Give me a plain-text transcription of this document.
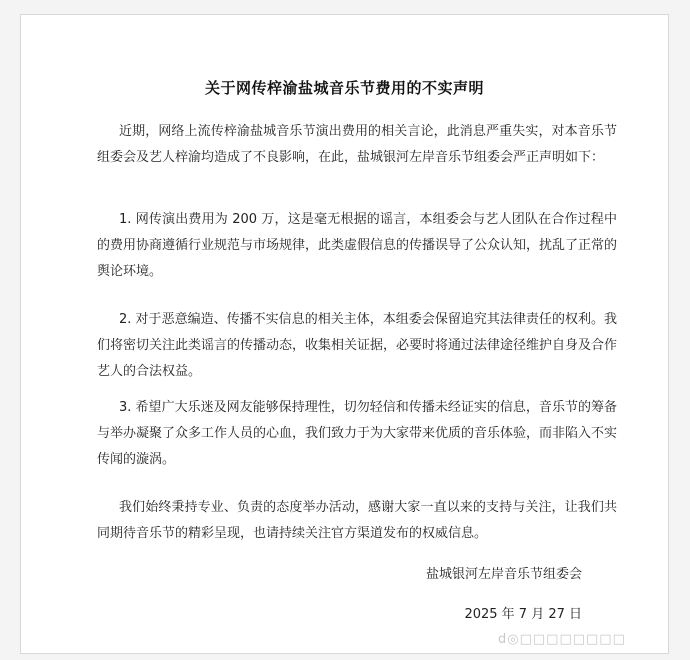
关于网传梓渝盐城音乐节费用的不实声明

近期，网络上流传梓渝盐城音乐节演出费用的相关言论，此消息严重失实，对本音乐节组委会及艺人梓渝均造成了不良影响，在此，盐城银河左岸音乐节组委会严正声明如下：

1. 网传演出费用为 200 万，这是毫无根据的谣言，本组委会与艺人团队在合作过程中的费用协商遵循行业规范与市场规律，此类虚假信息的传播误导了公众认知，扰乱了正常的舆论环境。

2. 对于恶意编造、传播不实信息的相关主体，本组委会保留追究其法律责任的权利。我们将密切关注此类谣言的传播动态，收集相关证据，必要时将通过法律途径维护自身及合作艺人的合法权益。

3. 希望广大乐迷及网友能够保持理性，切勿轻信和传播未经证实的信息，音乐节的筹备与举办凝聚了众多工作人员的心血，我们致力于为大家带来优质的音乐体验，而非陷入不实传闻的漩涡。

我们始终秉持专业、负责的态度举办活动，感谢大家一直以来的支持与关注，让我们共同期待音乐节的精彩呈现，也请持续关注官方渠道发布的权威信息。

盐城银河左岸音乐节组委会
2025 年 7 月 27 日
d◎□□□□□□□□
